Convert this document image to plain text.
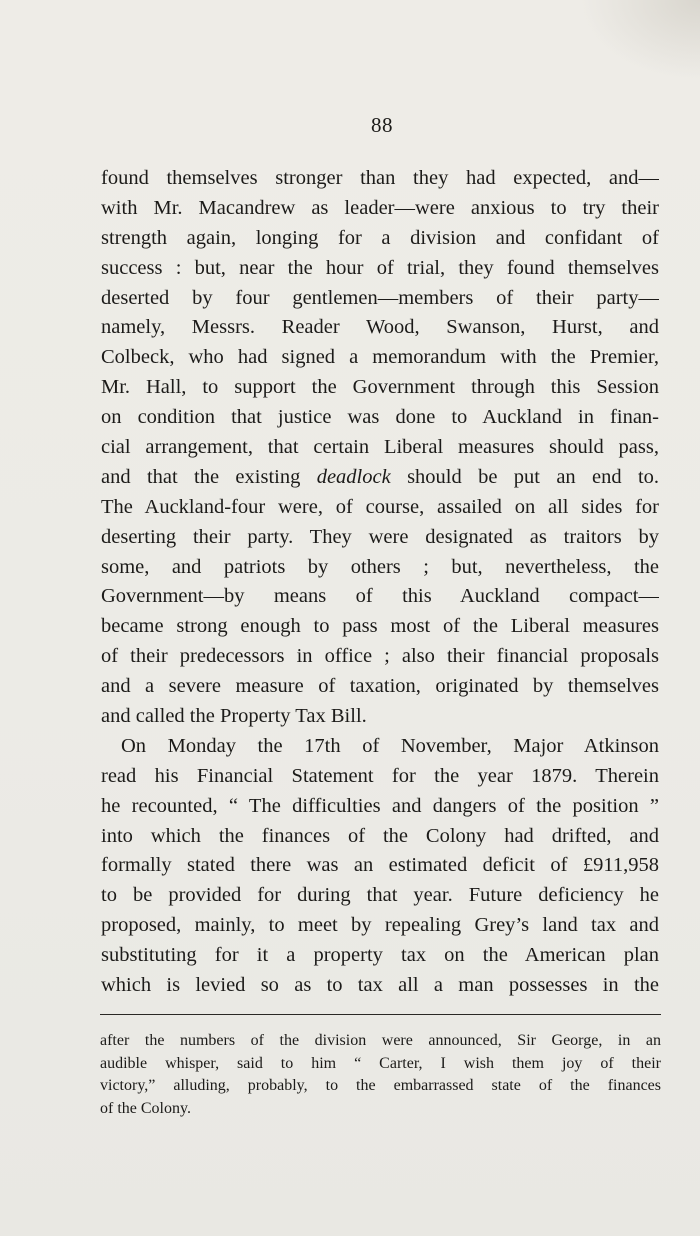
88
found themselves stronger than they had expected, and—
with Mr. Macandrew as leader—were anxious to try their
strength again, longing for a division and confidant of
success : but, near the hour of trial, they found themselves
deserted by four gentlemen—members of their party—
namely, Messrs. Reader Wood, Swanson, Hurst, and
Colbeck, who had signed a memorandum with the Premier,
Mr. Hall, to support the Government through this Session
on condition that justice was done to Auckland in finan-
cial arrangement, that certain Liberal measures should pass,
and that the existing deadlock should be put an end to.
The Auckland-four were, of course, assailed on all sides for
deserting their party. They were designated as traitors by
some, and patriots by others ; but, nevertheless, the
Government—by means of this Auckland compact—
became strong enough to pass most of the Liberal measures
of their predecessors in office ; also their financial proposals
and a severe measure of taxation, originated by themselves
and called the Property Tax Bill.
On Monday the 17th of November, Major Atkinson
read his Financial Statement for the year 1879. Therein
he recounted, “ The difficulties and dangers of the position ”
into which the finances of the Colony had drifted, and
formally stated there was an estimated deficit of £911,958
to be provided for during that year. Future deficiency he
proposed, mainly, to meet by repealing Grey’s land tax and
substituting for it a property tax on the American plan
which is levied so as to tax all a man possesses in the
after the numbers of the division were announced, Sir George, in an
audible whisper, said to him “ Carter, I wish them joy of their
victory,” alluding, probably, to the embarrassed state of the finances
of the Colony.
